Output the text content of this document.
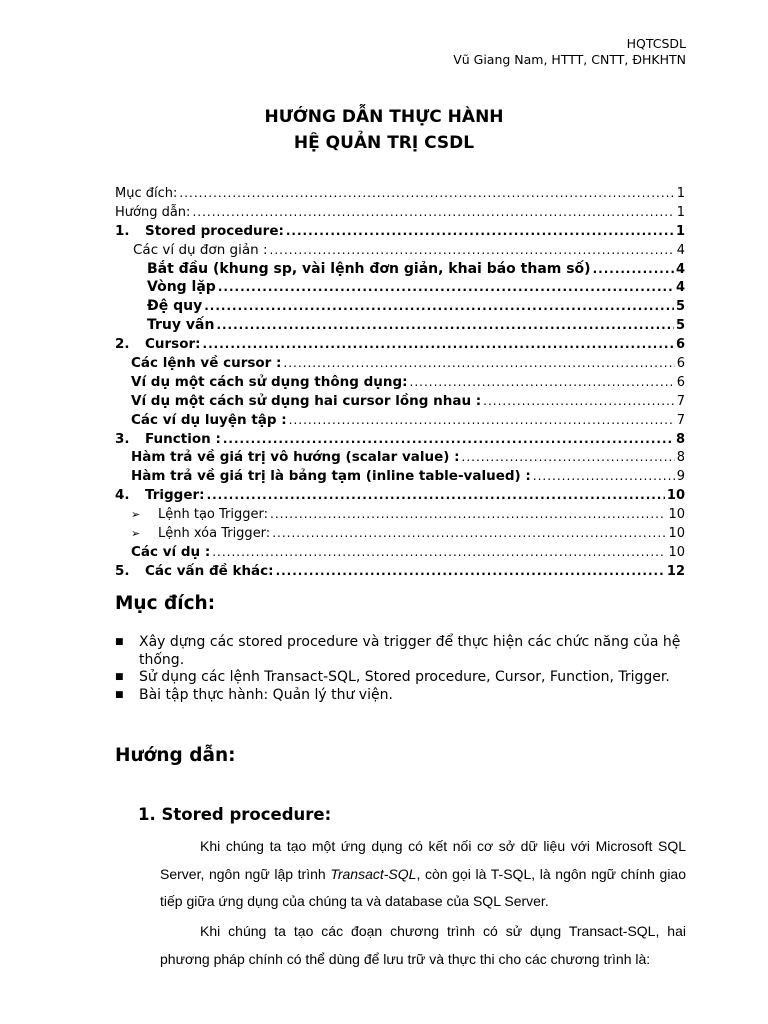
HQTCSDL
Vũ Giang Nam, HTTT, CNTT, ĐHKHTN
HƯỚNG DẪN THỰC HÀNH
HỆ QUẢN TRỊ CSDL
Mục đích: .....	1
Hướng dẫn: .....	1
1. Stored procedure: .....	1
Các ví dụ đơn giản : .....	4
Bắt đầu (khung sp, vài lệnh đơn giản, khai báo tham số) .....	4
Vòng lặp .....	4
Đệ quy .....	5
Truy vấn .....	5
2. Cursor: .....	6
Các lệnh về cursor : .....	6
Ví dụ một cách sử dụng thông dụng: .....	6
Ví dụ một cách sử dụng hai cursor lồng nhau : .....	7
Các ví dụ luyện tập : .....	7
3. Function : .....	8
Hàm trả về giá trị vô hướng (scalar value) : .....	8
Hàm trả về giá trị là bảng tạm (inline table-valued) : .....	9
4. Trigger: .....	10
➢ Lệnh tạo Trigger: .....	10
➢ Lệnh xóa Trigger: .....	10
Các ví dụ : .....	10
5. Các vấn đề khác: .....	12
Mục đích:
■	Xây dựng các stored procedure và trigger để thực hiện các chức năng của hệ thống.
■	Sử dụng các lệnh Transact-SQL, Stored procedure, Cursor, Function, Trigger.
■	Bài tập thực hành: Quản lý thư viện.
Hướng dẫn:
1. Stored procedure:
Khi chúng ta tạo một ứng dụng có kết nối cơ sở dữ liệu với Microsoft SQL Server, ngôn ngữ lập trình Transact-SQL, còn gọi là T-SQL, là ngôn ngữ chính giao tiếp giữa ứng dụng của chúng ta và database của SQL Server.
Khi chúng ta tạo các đoạn chương trình có sử dụng Transact-SQL, hai phương pháp chính có thể dùng để lưu trữ và thực thi cho các chương trình là:
